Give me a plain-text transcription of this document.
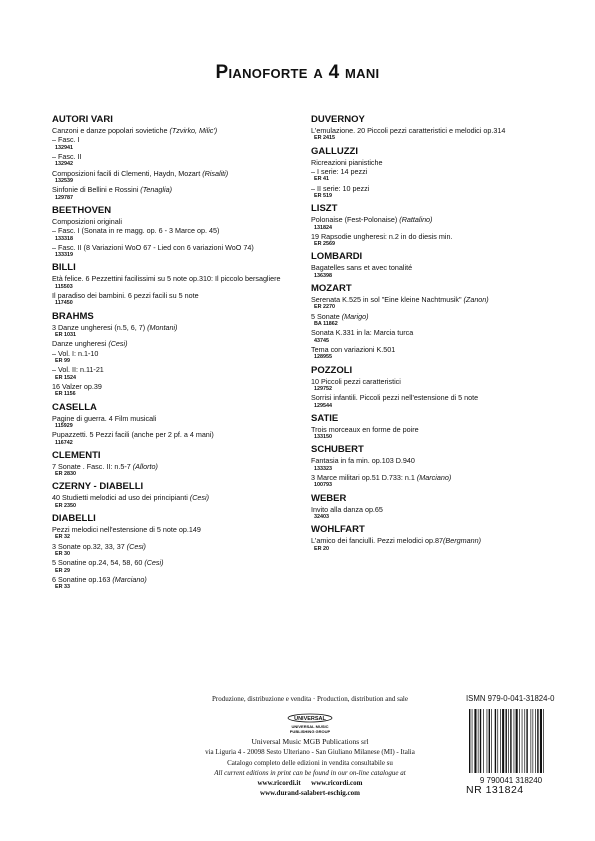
Pianoforte a 4 mani
AUTORI VARI
Canzoni e danze popolari sovietiche (Tzvirko, Milic')
– Fasc. I
132941
– Fasc. II
132942
Composizioni facili di Clementi, Haydn, Mozart (Risaliti)
132539
Sinfonie di Bellini e Rossini (Tenaglia)
129787
BEETHOVEN
Composizioni originali
– Fasc. I (Sonata in re magg. op. 6 - 3 Marce op. 45)
133318
– Fasc. II (8 Variazioni WoO 67 - Lied con 6 variazioni WoO 74)
133319
BILLI
Età felice. 6 Pezzettini facilissimi su 5 note op.310: Il piccolo bersagliere
115503
Il paradiso dei bambini. 6 pezzi facili su 5 note
117450
BRAHMS
3 Danze ungheresi (n.5, 6, 7) (Montani)
ER 1031
Danze ungheresi (Cesi)
– Vol. I: n.1-10
ER 99
– Vol. II: n.11-21
ER 1524
16 Valzer op.39
ER 1156
CASELLA
Pagine di guerra. 4 Film musicali
115929
Pupazzetti. 5 Pezzi facili (anche per 2 pf. a 4 mani)
116742
CLEMENTI
7 Sonate . Fasc. II: n.5-7 (Allorto)
ER 2830
CZERNY - DIABELLI
40 Studietti melodici ad uso dei principianti (Cesi)
ER 2350
DIABELLI
Pezzi melodici nell'estensione di 5 note op.149
ER 32
3 Sonate op.32, 33, 37 (Cesi)
ER 30
5 Sonatine op.24, 54, 58, 60 (Cesi)
ER 29
6 Sonatine op.163 (Marciano)
ER 33
DUVERNOY
L'emulazione. 20 Piccoli pezzi caratteristici e melodici op.314
ER 2415
GALLUZZI
Ricreazioni pianistiche
– I serie: 14 pezzi
ER 41
– II serie: 10 pezzi
ER 519
LISZT
Polonaise (Fest-Polonaise) (Rattalino)
131824
19 Rapsodie ungheresi: n.2 in do diesis min.
ER 2569
LOMBARDI
Bagatelles sans et avec tonalité
136398
MOZART
Serenata K.525 in sol "Eine kleine Nachtmusik" (Zanon)
ER 2270
5 Sonate (Marigo)
BA 11862
Sonata K.331 in la: Marcia turca
43745
Tema con variazioni K.501
128955
POZZOLI
10 Piccoli pezzi caratteristici
129752
Sorrisi infantili. Piccoli pezzi nell'estensione di 5 note
129544
SATIE
Trois morceaux en forme de poire
133150
SCHUBERT
Fantasia in fa min. op.103 D.940
133323
3 Marce militari op.51 D.733: n.1 (Marciano)
100793
WEBER
Invito alla danza op.65
32403
WOHLFART
L'amico dei fanciulli. Pezzi melodici op.87(Bergmann)
ER 20
Produzione, distribuzione e vendita · Production, distribution and sale
UNIVERSAL
UNIVERSAL MUSIC
PUBLISHING GROUP
Universal Music MGB Publications srl
via Liguria 4 - 20098 Sesto Ulteriano - San Giuliano Milanese (MI) - Italia
Catalogo completo delle edizioni in vendita consultabile su
All current editions in print can be found in our on-line catalogue at
www.ricordi.it www.ricordi.com
www.durand-salabert-eschig.com
ISMN 979-0-041-31824-0
9 790041 318240
NR 131824
